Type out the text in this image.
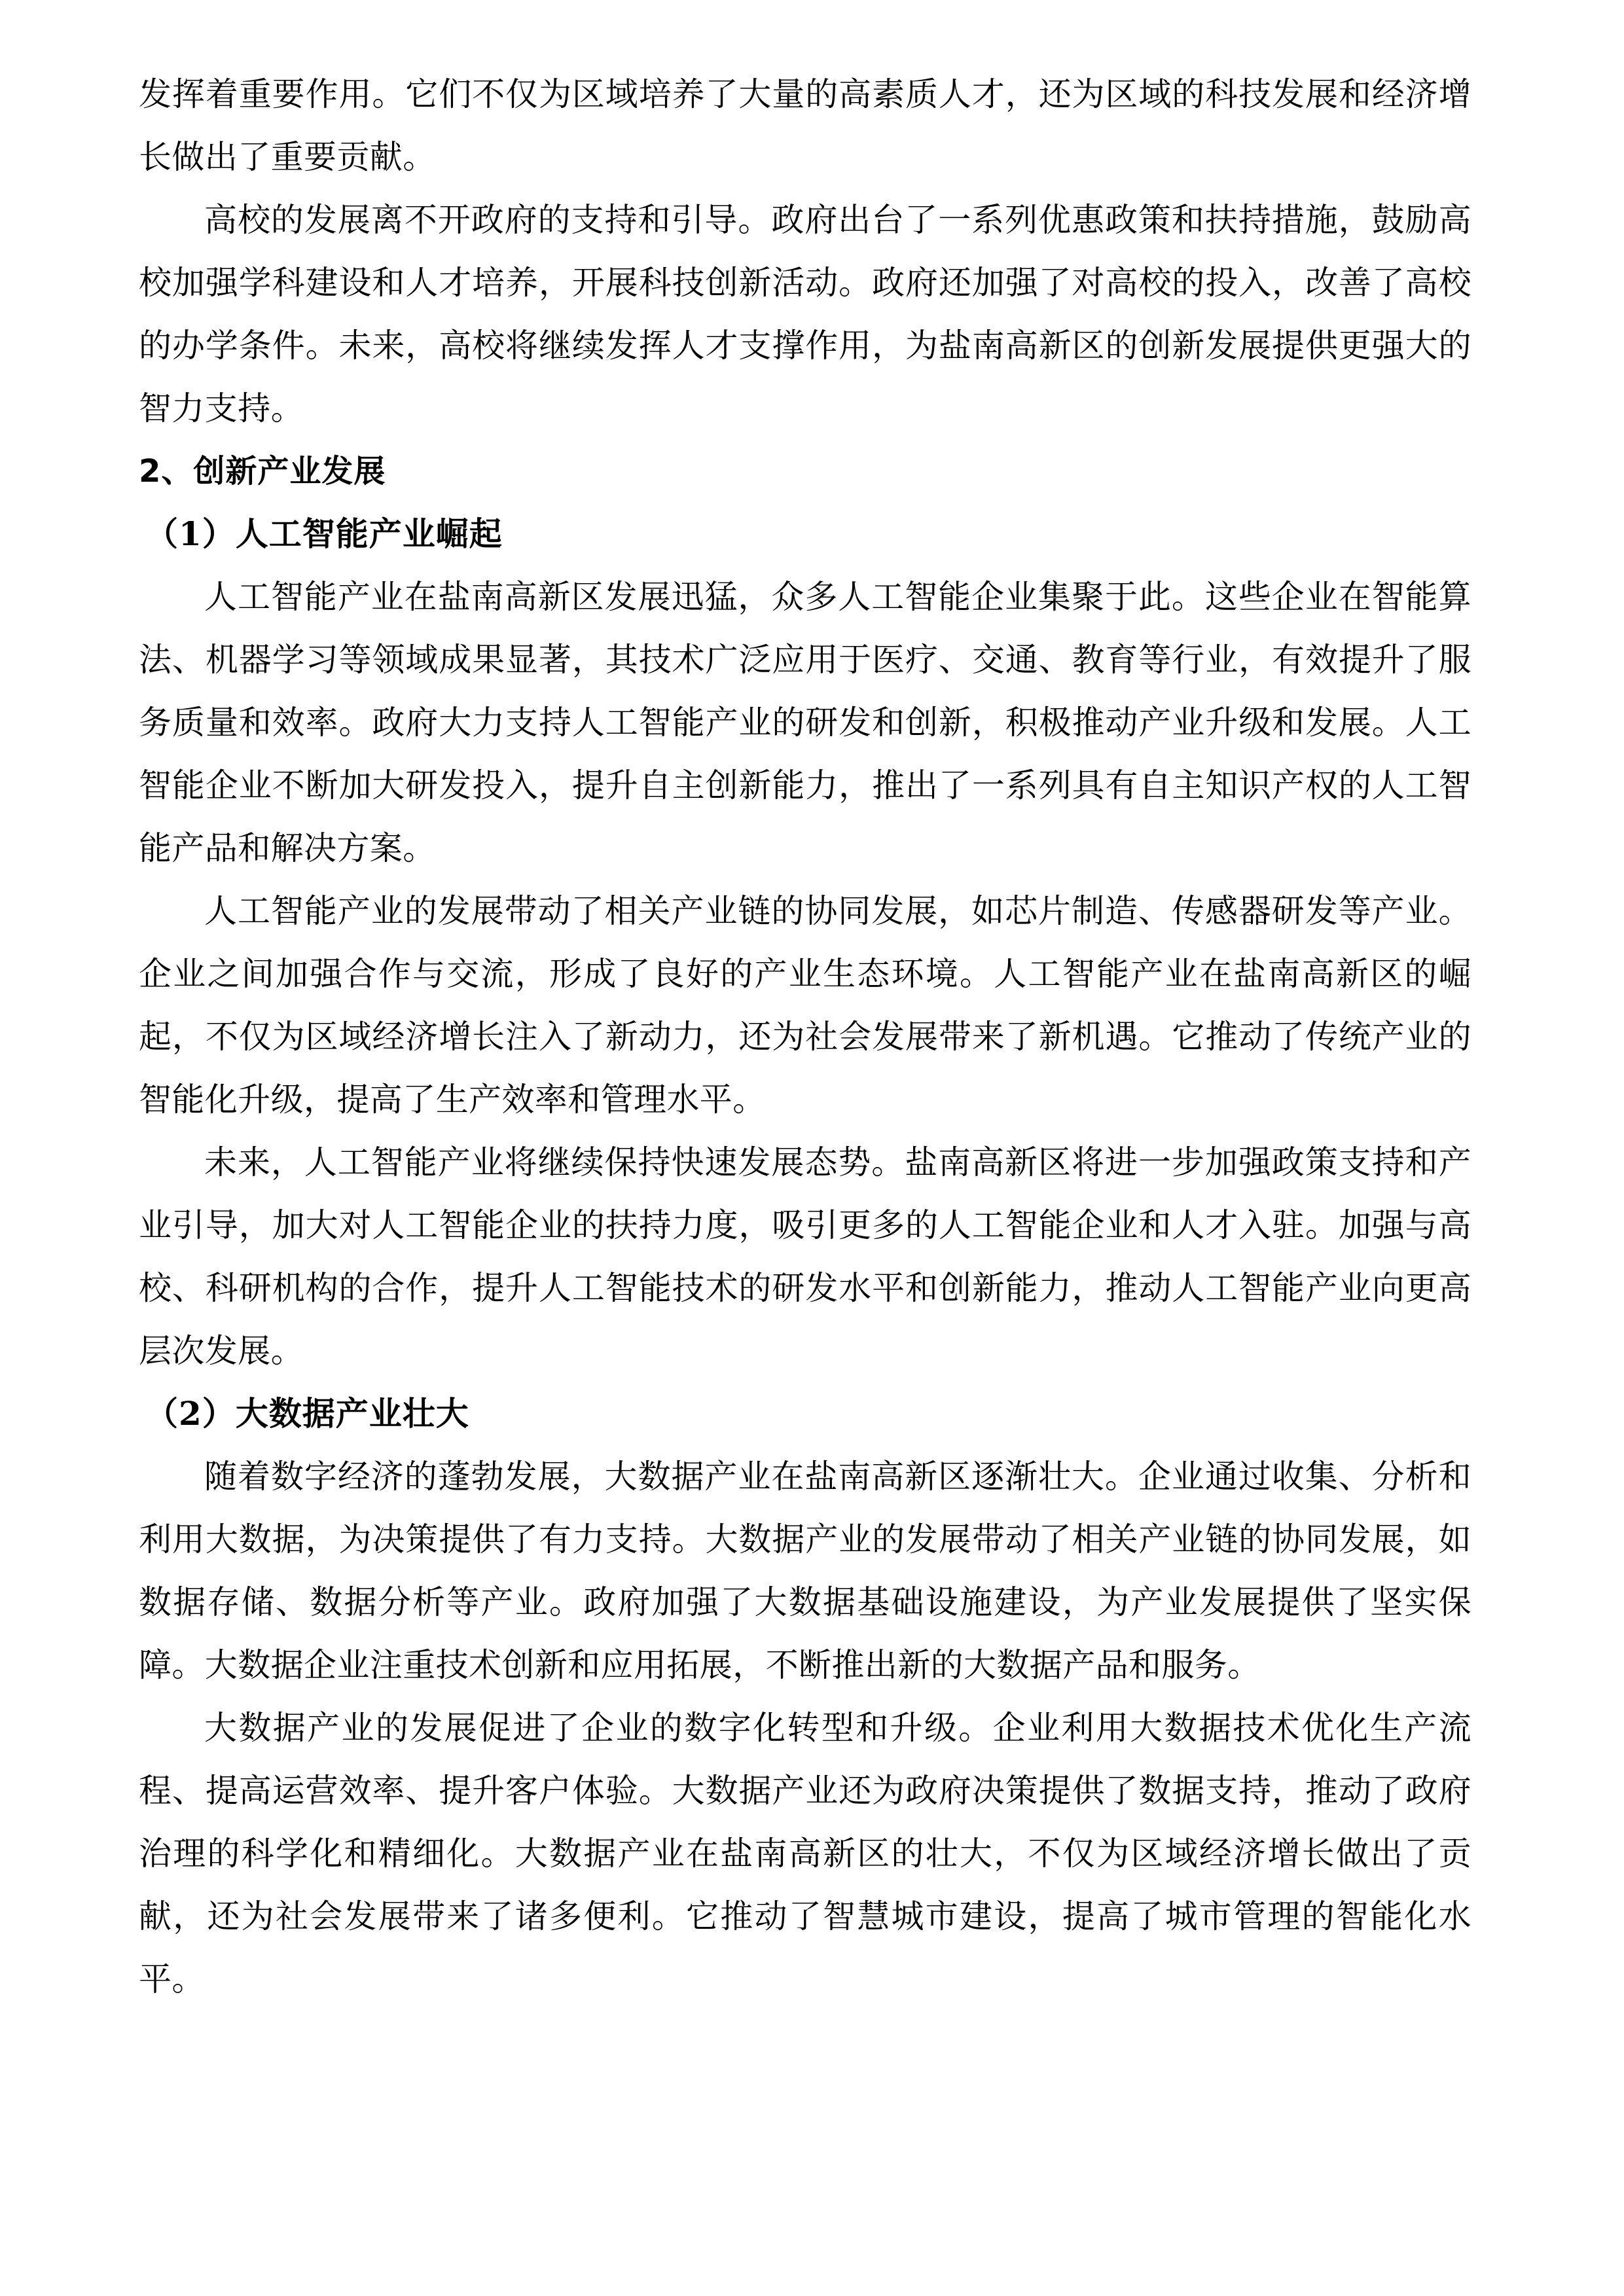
发挥着重要作用。它们不仅为区域培养了大量的高素质人才，还为区域的科技发展和经济增长做出了重要贡献。

高校的发展离不开政府的支持和引导。政府出台了一系列优惠政策和扶持措施，鼓励高校加强学科建设和人才培养，开展科技创新活动。政府还加强了对高校的投入，改善了高校的办学条件。未来，高校将继续发挥人才支撑作用，为盐南高新区的创新发展提供更强大的智力支持。

2、创新产业发展
（1）人工智能产业崛起

人工智能产业在盐南高新区发展迅猛，众多人工智能企业集聚于此。这些企业在智能算法、机器学习等领域成果显著，其技术广泛应用于医疗、交通、教育等行业，有效提升了服务质量和效率。政府大力支持人工智能产业的研发和创新，积极推动产业升级和发展。人工智能企业不断加大研发投入，提升自主创新能力，推出了一系列具有自主知识产权的人工智能产品和解决方案。

人工智能产业的发展带动了相关产业链的协同发展，如芯片制造、传感器研发等产业。企业之间加强合作与交流，形成了良好的产业生态环境。人工智能产业在盐南高新区的崛起，不仅为区域经济增长注入了新动力，还为社会发展带来了新机遇。它推动了传统产业的智能化升级，提高了生产效率和管理水平。

未来，人工智能产业将继续保持快速发展态势。盐南高新区将进一步加强政策支持和产业引导，加大对人工智能企业的扶持力度，吸引更多的人工智能企业和人才入驻。加强与高校、科研机构的合作，提升人工智能技术的研发水平和创新能力，推动人工智能产业向更高层次发展。

（2）大数据产业壮大

随着数字经济的蓬勃发展，大数据产业在盐南高新区逐渐壮大。企业通过收集、分析和利用大数据，为决策提供了有力支持。大数据产业的发展带动了相关产业链的协同发展，如数据存储、数据分析等产业。政府加强了大数据基础设施建设，为产业发展提供了坚实保障。大数据企业注重技术创新和应用拓展，不断推出新的大数据产品和服务。

大数据产业的发展促进了企业的数字化转型和升级。企业利用大数据技术优化生产流程、提高运营效率、提升客户体验。大数据产业还为政府决策提供了数据支持，推动了政府治理的科学化和精细化。大数据产业在盐南高新区的壮大，不仅为区域经济增长做出了贡献，还为社会发展带来了诸多便利。它推动了智慧城市建设，提高了城市管理的智能化水平。
